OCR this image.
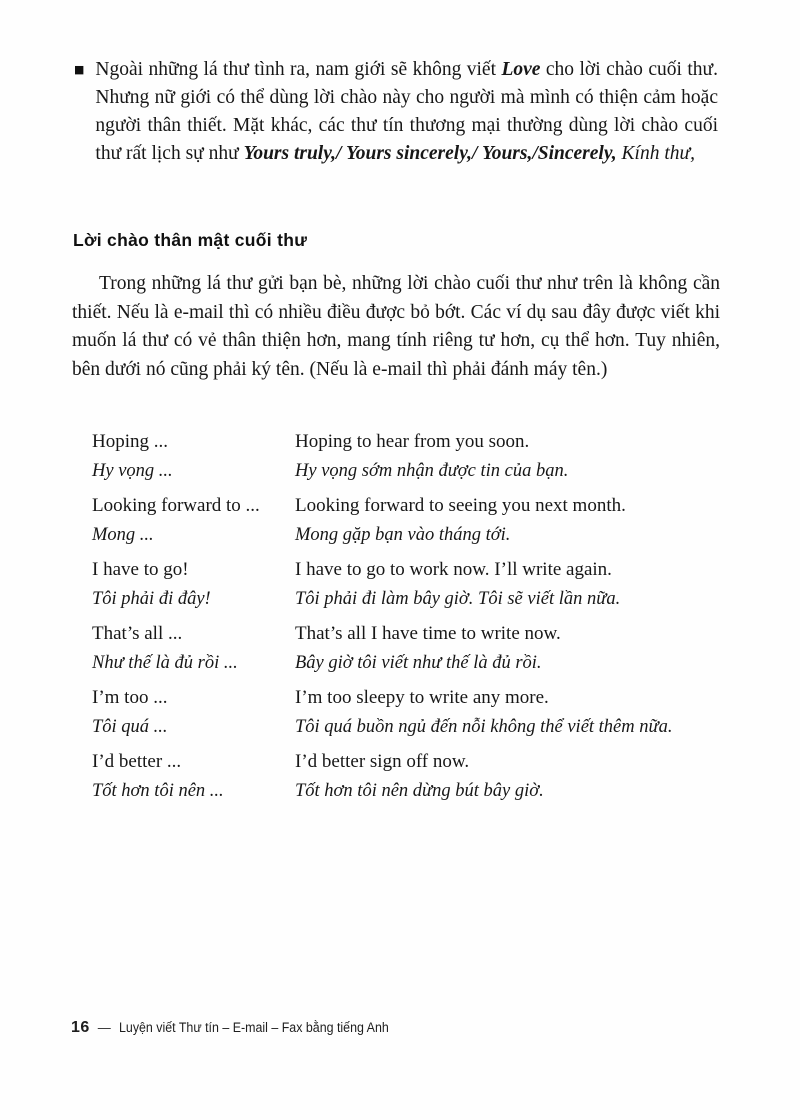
■ Ngoài những lá thư tình ra, nam giới sẽ không viết Love cho lời chào cuối thư. Nhưng nữ giới có thể dùng lời chào này cho người mà mình có thiện cảm hoặc người thân thiết. Mặt khác, các thư tín thương mại thường dùng lời chào cuối thư rất lịch sự như Yours truly,/ Yours sincerely,/ Yours,/Sincerely, Kính thư,

Lời chào thân mật cuối thư

Trong những lá thư gửi bạn bè, những lời chào cuối thư như trên là không cần thiết. Nếu là e-mail thì có nhiều điều được bỏ bớt. Các ví dụ sau đây được viết khi muốn lá thư có vẻ thân thiện hơn, mang tính riêng tư hơn, cụ thể hơn. Tuy nhiên, bên dưới nó cũng phải ký tên. (Nếu là e-mail thì phải đánh máy tên.)

Hoping ...
Hy vọng ...
Hoping to hear from you soon.
Hy vọng sớm nhận được tin của bạn.
Looking forward to ...
Mong ...
Looking forward to seeing you next month.
Mong gặp bạn vào tháng tới.
I have to go!
Tôi phải đi đây!
I have to go to work now. I’ll write again.
Tôi phải đi làm bây giờ. Tôi sẽ viết lần nữa.
That’s all ...
Như thế là đủ rồi ...
That’s all I have time to write now.
Bây giờ tôi viết như thế là đủ rồi.
I’m too ...
Tôi quá ...
I’m too sleepy to write any more.
Tôi quá buồn ngủ đến nỗi không thể viết thêm nữa.
I’d better ...
Tốt hơn tôi nên ...
I’d better sign off now.
Tốt hơn tôi nên dừng bút bây giờ.
16 — Luyện viết Thư tín – E-mail – Fax bằng tiếng Anh
